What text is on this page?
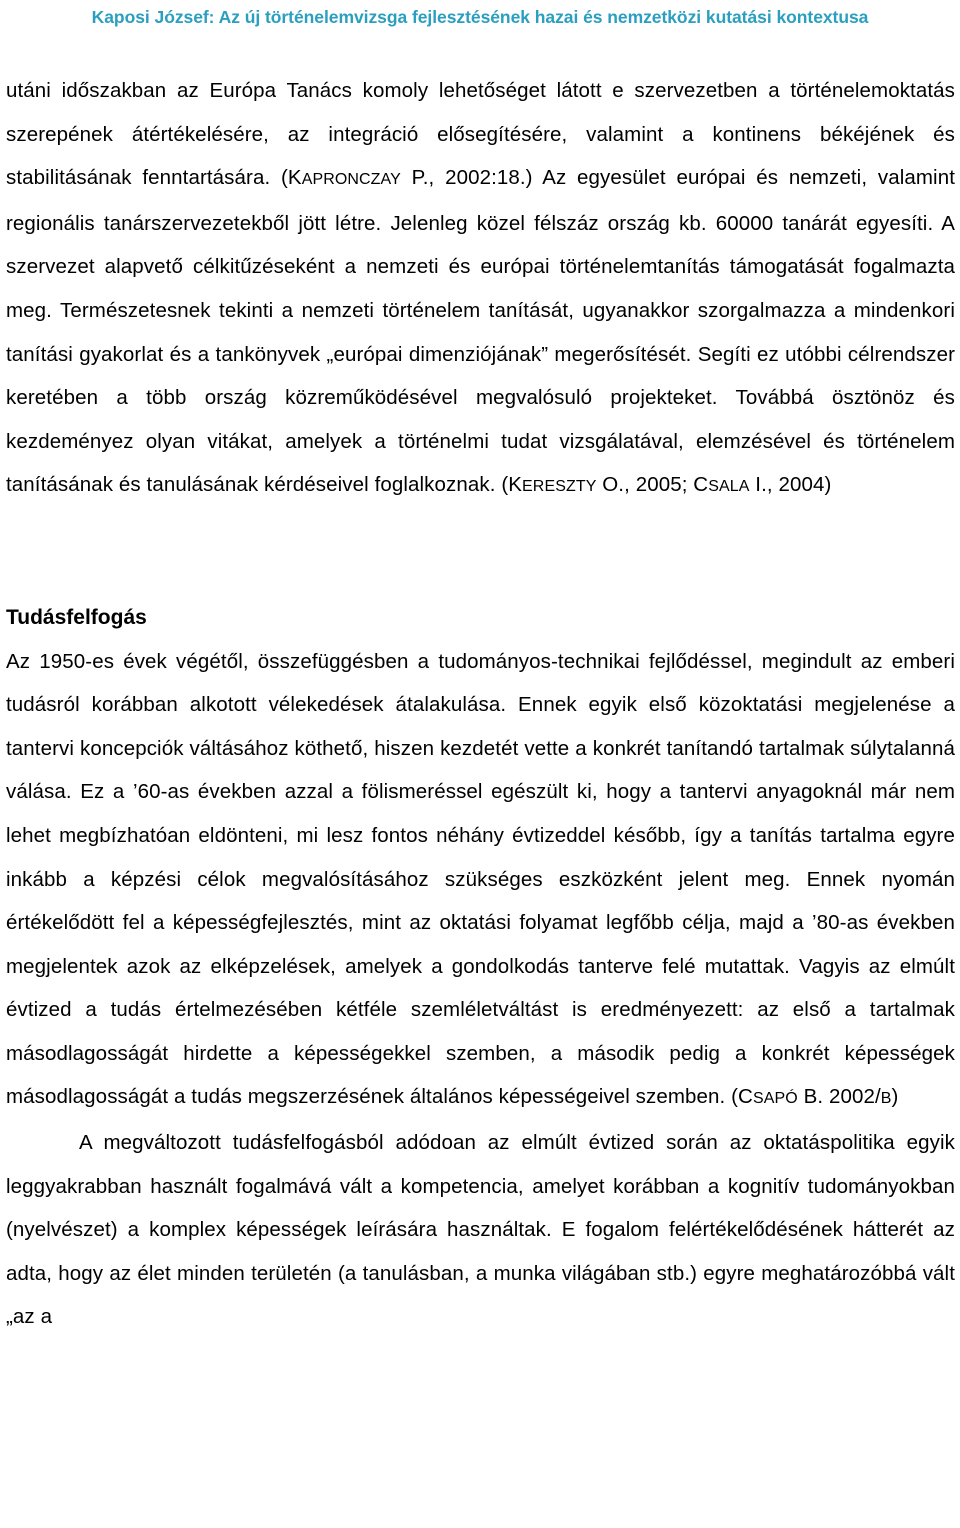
Kaposi József: Az új történelemvizsga fejlesztésének hazai és nemzetközi kutatási kontextusa

utáni időszakban az Európa Tanács komoly lehetőséget látott e szervezetben a történelemoktatás szerepének átértékelésére, az integráció elősegítésére, valamint a kontinens békéjének és stabilitásának fenntartására. (KAPRONCZAY P., 2002:18.) Az egyesület európai és nemzeti, valamint regionális tanárszervezetekből jött létre. Jelenleg közel félszáz ország kb. 60000 tanárát egyesíti. A szervezet alapvető célkitűzéseként a nemzeti és európai történelemtanítás támogatását fogalmazta meg. Természetesnek tekinti a nemzeti történelem tanítását, ugyanakkor szorgalmazza a mindenkori tanítási gyakorlat és a tankönyvek „európai dimenziójának” megerősítését. Segíti ez utóbbi célrendszer keretében a több ország közreműködésével megvalósuló projekteket. Továbbá ösztönöz és kezdeményez olyan vitákat, amelyek a történelmi tudat vizsgálatával, elemzésével és történelem tanításának és tanulásának kérdéseivel foglalkoznak. (KERESZTY O., 2005; CSALA I., 2004)

Tudásfelfogás

Az 1950-es évek végétől, összefüggésben a tudományos-technikai fejlődéssel, megindult az emberi tudásról korábban alkotott vélekedések átalakulása. Ennek egyik első közoktatási megjelenése a tantervi koncepciók váltásához köthető, hiszen kezdetét vette a konkrét tanítandó tartalmak súlytalanná válása. Ez a ’60-as években azzal a fölismeréssel egészült ki, hogy a tantervi anyagoknál már nem lehet megbízhatóan eldönteni, mi lesz fontos néhány évtizeddel később, így a tanítás tartalma egyre inkább a képzési célok megvalósításához szükséges eszközként jelent meg. Ennek nyomán értékelődött fel a képességfejlesztés, mint az oktatási folyamat legfőbb célja, majd a ’80-as években megjelentek azok az elképzelések, amelyek a gondolkodás tanterve felé mutattak. Vagyis az elmúlt évtized a tudás értelmezésében kétféle szemléletváltást is eredményezett: az első a tartalmak másodlagosságát hirdette a képességekkel szemben, a második pedig a konkrét képességek másodlagosságát a tudás megszerzésének általános képességeivel szemben. (CSAPÓ B. 2002/B)

A megváltozott tudásfelfogásból adódoan az elmúlt évtized során az oktatáspolitika egyik leggyakrabban használt fogalmává vált a kompetencia, amelyet korábban a kognitív tudományokban (nyelvészet) a komplex képességek leírására használtak. E fogalom felértékelődésének hátterét az adta, hogy az élet minden területén (a tanulásban, a munka világában stb.) egyre meghatározóbbá vált „az a
